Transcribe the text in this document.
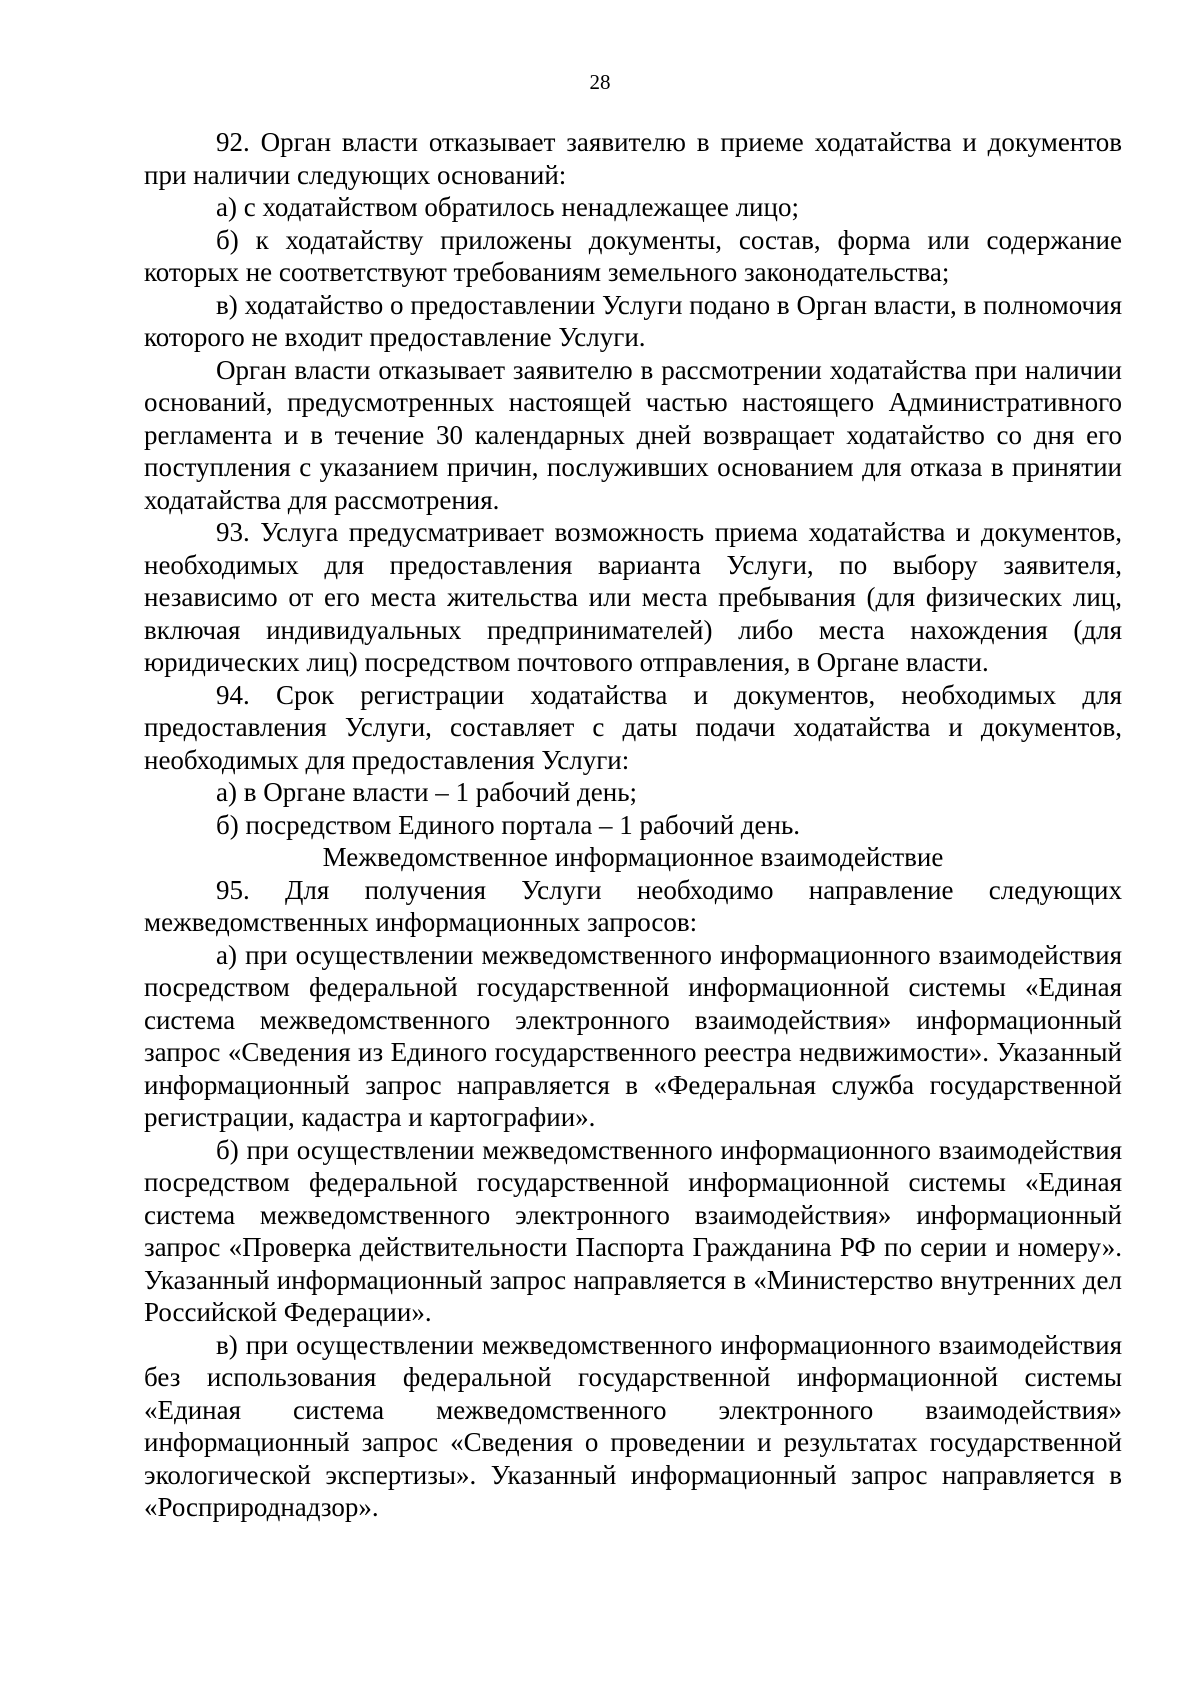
28

92. Орган власти отказывает заявителю в приеме ходатайства и документов при наличии следующих оснований:

а) с ходатайством обратилось ненадлежащее лицо;

б) к ходатайству приложены документы, состав, форма или содержание которых не соответствуют требованиям земельного законодательства;

в) ходатайство о предоставлении Услуги подано в Орган власти, в полномочия которого не входит предоставление Услуги.

Орган власти отказывает заявителю в рассмотрении ходатайства при наличии оснований, предусмотренных настоящей частью настоящего Административного регламента и в течение 30 календарных дней возвращает ходатайство со дня его поступления с указанием причин, послуживших основанием для отказа в принятии ходатайства для рассмотрения.

93. Услуга предусматривает возможность приема ходатайства и документов, необходимых для предоставления варианта Услуги, по выбору заявителя, независимо от его места жительства или места пребывания (для физических лиц, включая индивидуальных предпринимателей) либо места нахождения (для юридических лиц) посредством почтового отправления, в Органе власти.

94. Срок регистрации ходатайства и документов, необходимых для предоставления Услуги, составляет с даты подачи ходатайства и документов, необходимых для предоставления Услуги:

а) в Органе власти – 1 рабочий день;

б) посредством Единого портала – 1 рабочий день.

Межведомственное информационное взаимодействие

95. Для получения Услуги необходимо направление следующих межведомственных информационных запросов:

а) при осуществлении межведомственного информационного взаимодействия посредством федеральной государственной информационной системы «Единая система межведомственного электронного взаимодействия» информационный запрос «Сведения из Единого государственного реестра недвижимости». Указанный информационный запрос направляется в «Федеральная служба государственной регистрации, кадастра и картографии».

б) при осуществлении межведомственного информационного взаимодействия посредством федеральной государственной информационной системы «Единая система межведомственного электронного взаимодействия» информационный запрос «Проверка действительности Паспорта Гражданина РФ по серии и номеру». Указанный информационный запрос направляется в «Министерство внутренних дел Российской Федерации».

в) при осуществлении межведомственного информационного взаимодействия без использования федеральной государственной информационной системы «Единая система межведомственного электронного взаимодействия» информационный запрос «Сведения о проведении и результатах государственной экологической экспертизы». Указанный информационный запрос направляется в «Росприроднадзор».
